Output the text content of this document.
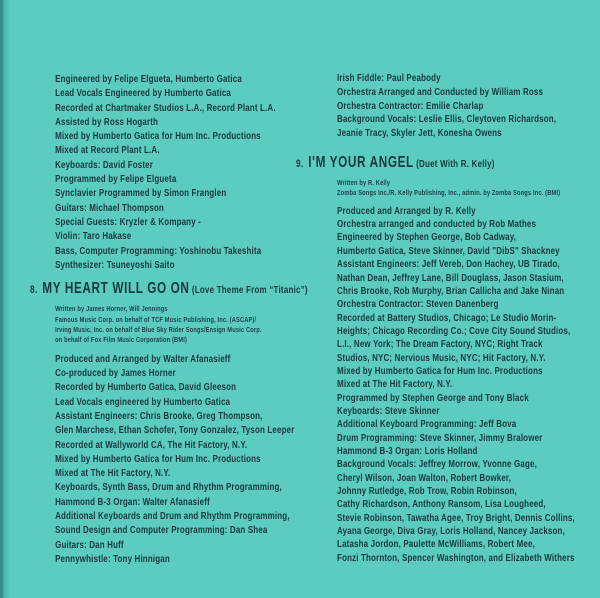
Engineered by Felipe Elgueta, Humberto Gatica
Lead Vocals Engineered by Humberto Gatica
Recorded at Chartmaker Studios L.A., Record Plant L.A.
Assisted by Ross Hogarth
Mixed by Humberto Gatica for Hum Inc. Productions
Mixed at Record Plant L.A.
Keyboards: David Foster
Programmed by Felipe Elgueta
Synclavier Programmed by Simon Franglen
Guitars: Michael Thompson
Special Guests: Kryzler & Kompany -
Violin: Taro Hakase
Bass, Computer Programming: Yoshinobu Takeshita
Synthesizer: Tsuneyoshi Saito
8. MY HEART WILL GO ON (Love Theme From “Titanic”)
Written by James Horner, Will Jennings
Famous Music Corp. on behalf of TCF Music Publishing, Inc. (ASCAP)/
Irving Music, Inc. on behalf of Blue Sky Rider Songs/Ensign Music Corp.
on behalf of Fox Film Music Corporation (BMI)
Produced and Arranged by Walter Afanasieff
Co-produced by James Horner
Recorded by Humberto Gatica, David Gleeson
Lead Vocals engineered by Humberto Gatica
Assistant Engineers: Chris Brooke, Greg Thompson,
Glen Marchese, Ethan Schofer, Tony Gonzalez, Tyson Leeper
Recorded at Wallyworld CA, The Hit Factory, N.Y.
Mixed by Humberto Gatica for Hum Inc. Productions
Mixed at The Hit Factory, N.Y.
Keyboards, Synth Bass, Drum and Rhythm Programming,
Hammond B-3 Organ: Walter Afanasieff
Additional Keyboards and Drum and Rhythm Programming,
Sound Design and Computer Programming: Dan Shea
Guitars: Dan Huff
Pennywhistle: Tony Hinnigan
Irish Fiddle: Paul Peabody
Orchestra Arranged and Conducted by William Ross
Orchestra Contractor: Emilie Charlap
Background Vocals: Leslie Ellis, Cleytoven Richardson,
Jeanie Tracy, Skyler Jett, Konesha Owens
9. I'M YOUR ANGEL (Duet With R. Kelly)
Written by R. Kelly
Zomba Songs Inc./R. Kelly Publishing, Inc., admin. by Zomba Songs Inc. (BMI)
Produced and Arranged by R. Kelly
Orchestra arranged and conducted by Rob Mathes
Engineered by Stephen George, Bob Cadway,
Humberto Gatica, Steve Skinner, David "DibS" Shackney
Assistant Engineers: Jeff Vereb, Don Hachey, UB Tirado,
Nathan Dean, Jeffrey Lane, Bill Douglass, Jason Stasium,
Chris Brooke, Rob Murphy, Brian Callicha and Jake Ninan
Orchestra Contractor: Steven Danenberg
Recorded at Battery Studios, Chicago; Le Studio Morin-
Heights; Chicago Recording Co.; Cove City Sound Studios,
L.I., New York; The Dream Factory, NYC; Right Track
Studios, NYC; Nervious Music, NYC; Hit Factory, N.Y.
Mixed by Humberto Gatica for Hum Inc. Productions
Mixed at The Hit Factory, N.Y.
Programmed by Stephen George and Tony Black
Keyboards: Steve Skinner
Additional Keyboard Programming: Jeff Bova
Drum Programming: Steve Skinner, Jimmy Bralower
Hammond B-3 Organ: Loris Holland
Background Vocals: Jeffrey Morrow, Yvonne Gage,
Cheryl Wilson, Joan Walton, Robert Bowker,
Johnny Rutledge, Rob Trow, Robin Robinson,
Cathy Richardson, Anthony Ransom, Lisa Lougheed,
Stevie Robinson, Tawatha Agee, Troy Bright, Dennis Collins,
Ayana George, Diva Gray, Loris Holland, Nancey Jackson,
Latasha Jordon, Paulette McWilliams, Robert Mee,
Fonzi Thornton, Spencer Washington, and Elizabeth Withers
